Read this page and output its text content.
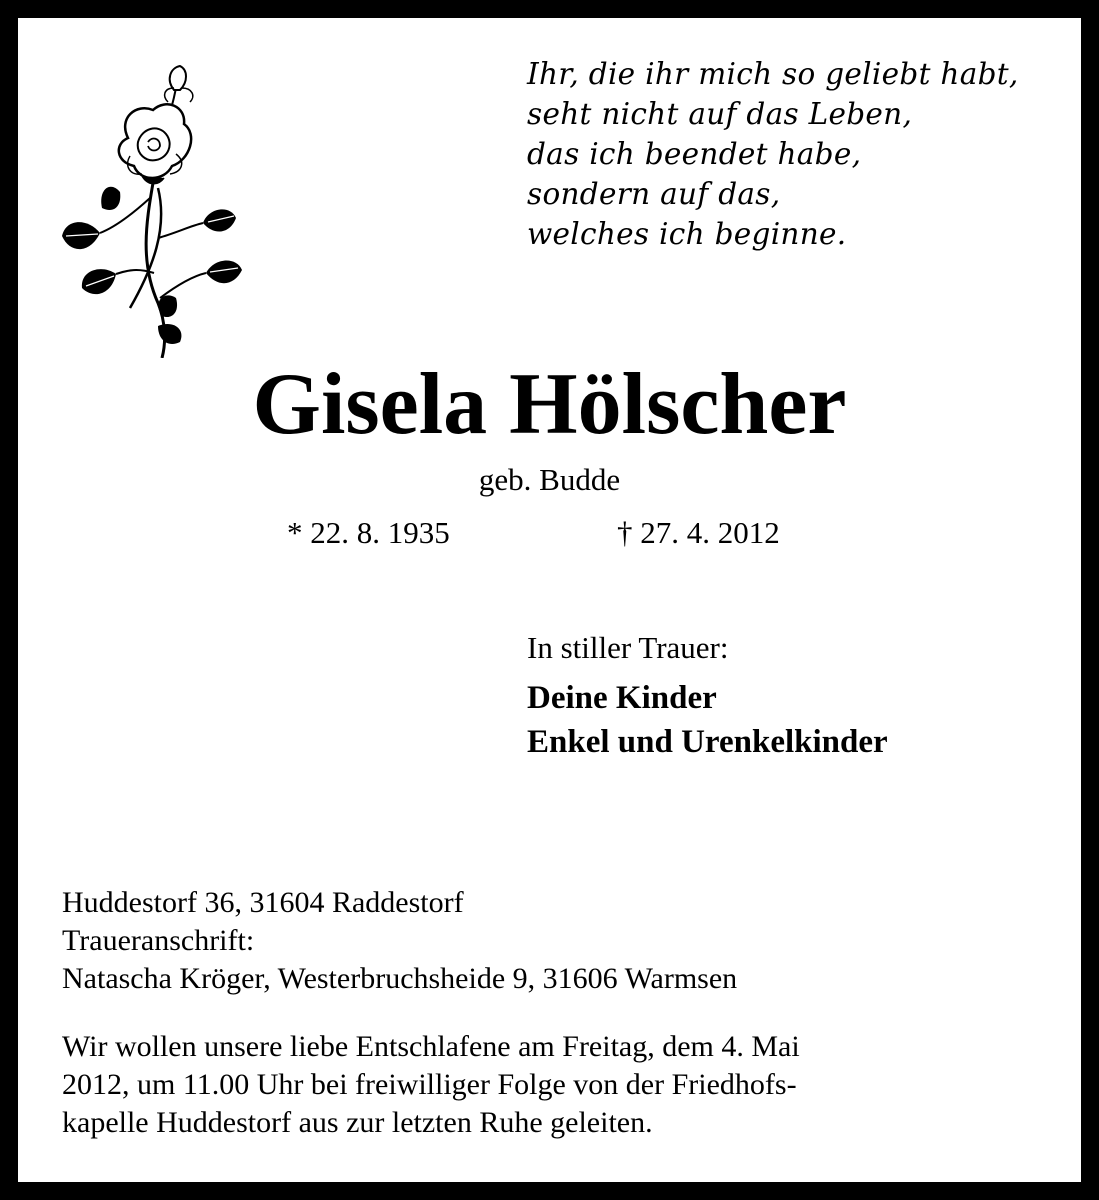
Ihr, die ihr mich so geliebt habt,
seht nicht auf das Leben,
das ich beendet habe,
sondern auf das,
welches ich beginne.
Gisela Hölscher
geb. Budde
* 22. 8. 1935	† 27. 4. 2012
In stiller Trauer:
Deine Kinder
Enkel und Urenkelkinder
Huddestorf 36, 31604 Raddestorf
Traueranschrift:
Natascha Kröger, Westerbruchsheide 9, 31606 Warmsen
Wir wollen unsere liebe Entschlafene am Freitag, dem 4. Mai
2012, um 11.00 Uhr bei freiwilliger Folge von der Friedhofs-
kapelle Huddestorf aus zur letzten Ruhe geleiten.
